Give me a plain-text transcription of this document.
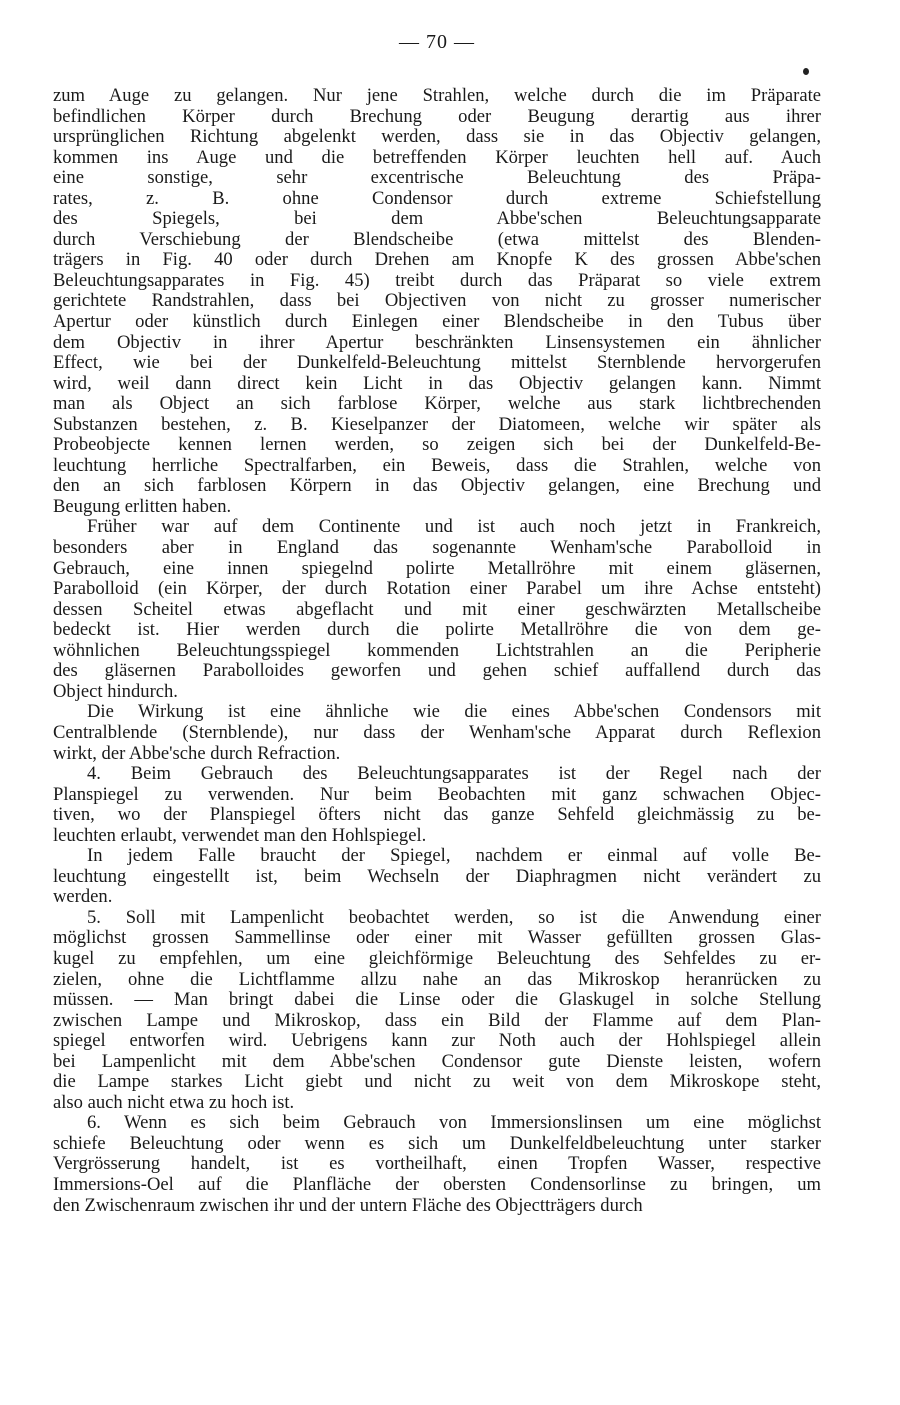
— 70 —
zum Auge zu gelangen. Nur jene Strahlen, welche durch die im Präparate
befindlichen Körper durch Brechung oder Beugung derartig aus ihrer
ursprünglichen Richtung abgelenkt werden, dass sie in das Objectiv gelangen,
kommen ins Auge und die betreffenden Körper leuchten hell auf. Auch
eine sonstige, sehr excentrische Beleuchtung des Präpa-
rates, z. B. ohne Condensor durch extreme Schiefstellung
des Spiegels, bei dem Abbe'schen Beleuchtungsapparate
durch Verschiebung der Blendscheibe (etwa mittelst des Blenden-
trägers in Fig. 40 oder durch Drehen am Knopfe K des grossen Abbe'schen
Beleuchtungsapparates in Fig. 45) treibt durch das Präparat so viele extrem
gerichtete Randstrahlen, dass bei Objectiven von nicht zu grosser numerischer
Apertur oder künstlich durch Einlegen einer Blendscheibe in den Tubus über
dem Objectiv in ihrer Apertur beschränkten Linsensystemen ein ähnlicher
Effect, wie bei der Dunkelfeld-Beleuchtung mittelst Sternblende hervorgerufen
wird, weil dann direct kein Licht in das Objectiv gelangen kann. Nimmt
man als Object an sich farblose Körper, welche aus stark lichtbrechenden
Substanzen bestehen, z. B. Kieselpanzer der Diatomeen, welche wir später als
Probeobjecte kennen lernen werden, so zeigen sich bei der Dunkelfeld-Be-
leuchtung herrliche Spectralfarben, ein Beweis, dass die Strahlen, welche von
den an sich farblosen Körpern in das Objectiv gelangen, eine Brechung und
Beugung erlitten haben.
Früher war auf dem Continente und ist auch noch jetzt in Frankreich,
besonders aber in England das sogenannte Wenham'sche Parabolloid in
Gebrauch, eine innen spiegelnd polirte Metallröhre mit einem gläsernen,
Parabolloid (ein Körper, der durch Rotation einer Parabel um ihre Achse entsteht)
dessen Scheitel etwas abgeflacht und mit einer geschwärzten Metallscheibe
bedeckt ist. Hier werden durch die polirte Metallröhre die von dem ge-
wöhnlichen Beleuchtungsspiegel kommenden Lichtstrahlen an die Peripherie
des gläsernen Parabolloides geworfen und gehen schief auffallend durch das
Object hindurch.
Die Wirkung ist eine ähnliche wie die eines Abbe'schen Condensors mit
Centralblende (Sternblende), nur dass der Wenham'sche Apparat durch Reflexion
wirkt, der Abbe'sche durch Refraction.
4. Beim Gebrauch des Beleuchtungsapparates ist der Regel nach der
Planspiegel zu verwenden. Nur beim Beobachten mit ganz schwachen Objec-
tiven, wo der Planspiegel öfters nicht das ganze Sehfeld gleichmässig zu be-
leuchten erlaubt, verwendet man den Hohlspiegel.
In jedem Falle braucht der Spiegel, nachdem er einmal auf volle Be-
leuchtung eingestellt ist, beim Wechseln der Diaphragmen nicht verändert zu
werden.
5. Soll mit Lampenlicht beobachtet werden, so ist die Anwendung einer
möglichst grossen Sammellinse oder einer mit Wasser gefüllten grossen Glas-
kugel zu empfehlen, um eine gleichförmige Beleuchtung des Sehfeldes zu er-
zielen, ohne die Lichtflamme allzu nahe an das Mikroskop heranrücken zu
müssen. — Man bringt dabei die Linse oder die Glaskugel in solche Stellung
zwischen Lampe und Mikroskop, dass ein Bild der Flamme auf dem Plan-
spiegel entworfen wird. Uebrigens kann zur Noth auch der Hohlspiegel allein
bei Lampenlicht mit dem Abbe'schen Condensor gute Dienste leisten, wofern
die Lampe starkes Licht giebt und nicht zu weit von dem Mikroskope steht,
also auch nicht etwa zu hoch ist.
6. Wenn es sich beim Gebrauch von Immersionslinsen um eine möglichst
schiefe Beleuchtung oder wenn es sich um Dunkelfeldbeleuchtung unter starker
Vergrösserung handelt, ist es vortheilhaft, einen Tropfen Wasser, respective
Immersions-Oel auf die Planfläche der obersten Condensorlinse zu bringen, um
den Zwischenraum zwischen ihr und der untern Fläche des Objectträgers durch
